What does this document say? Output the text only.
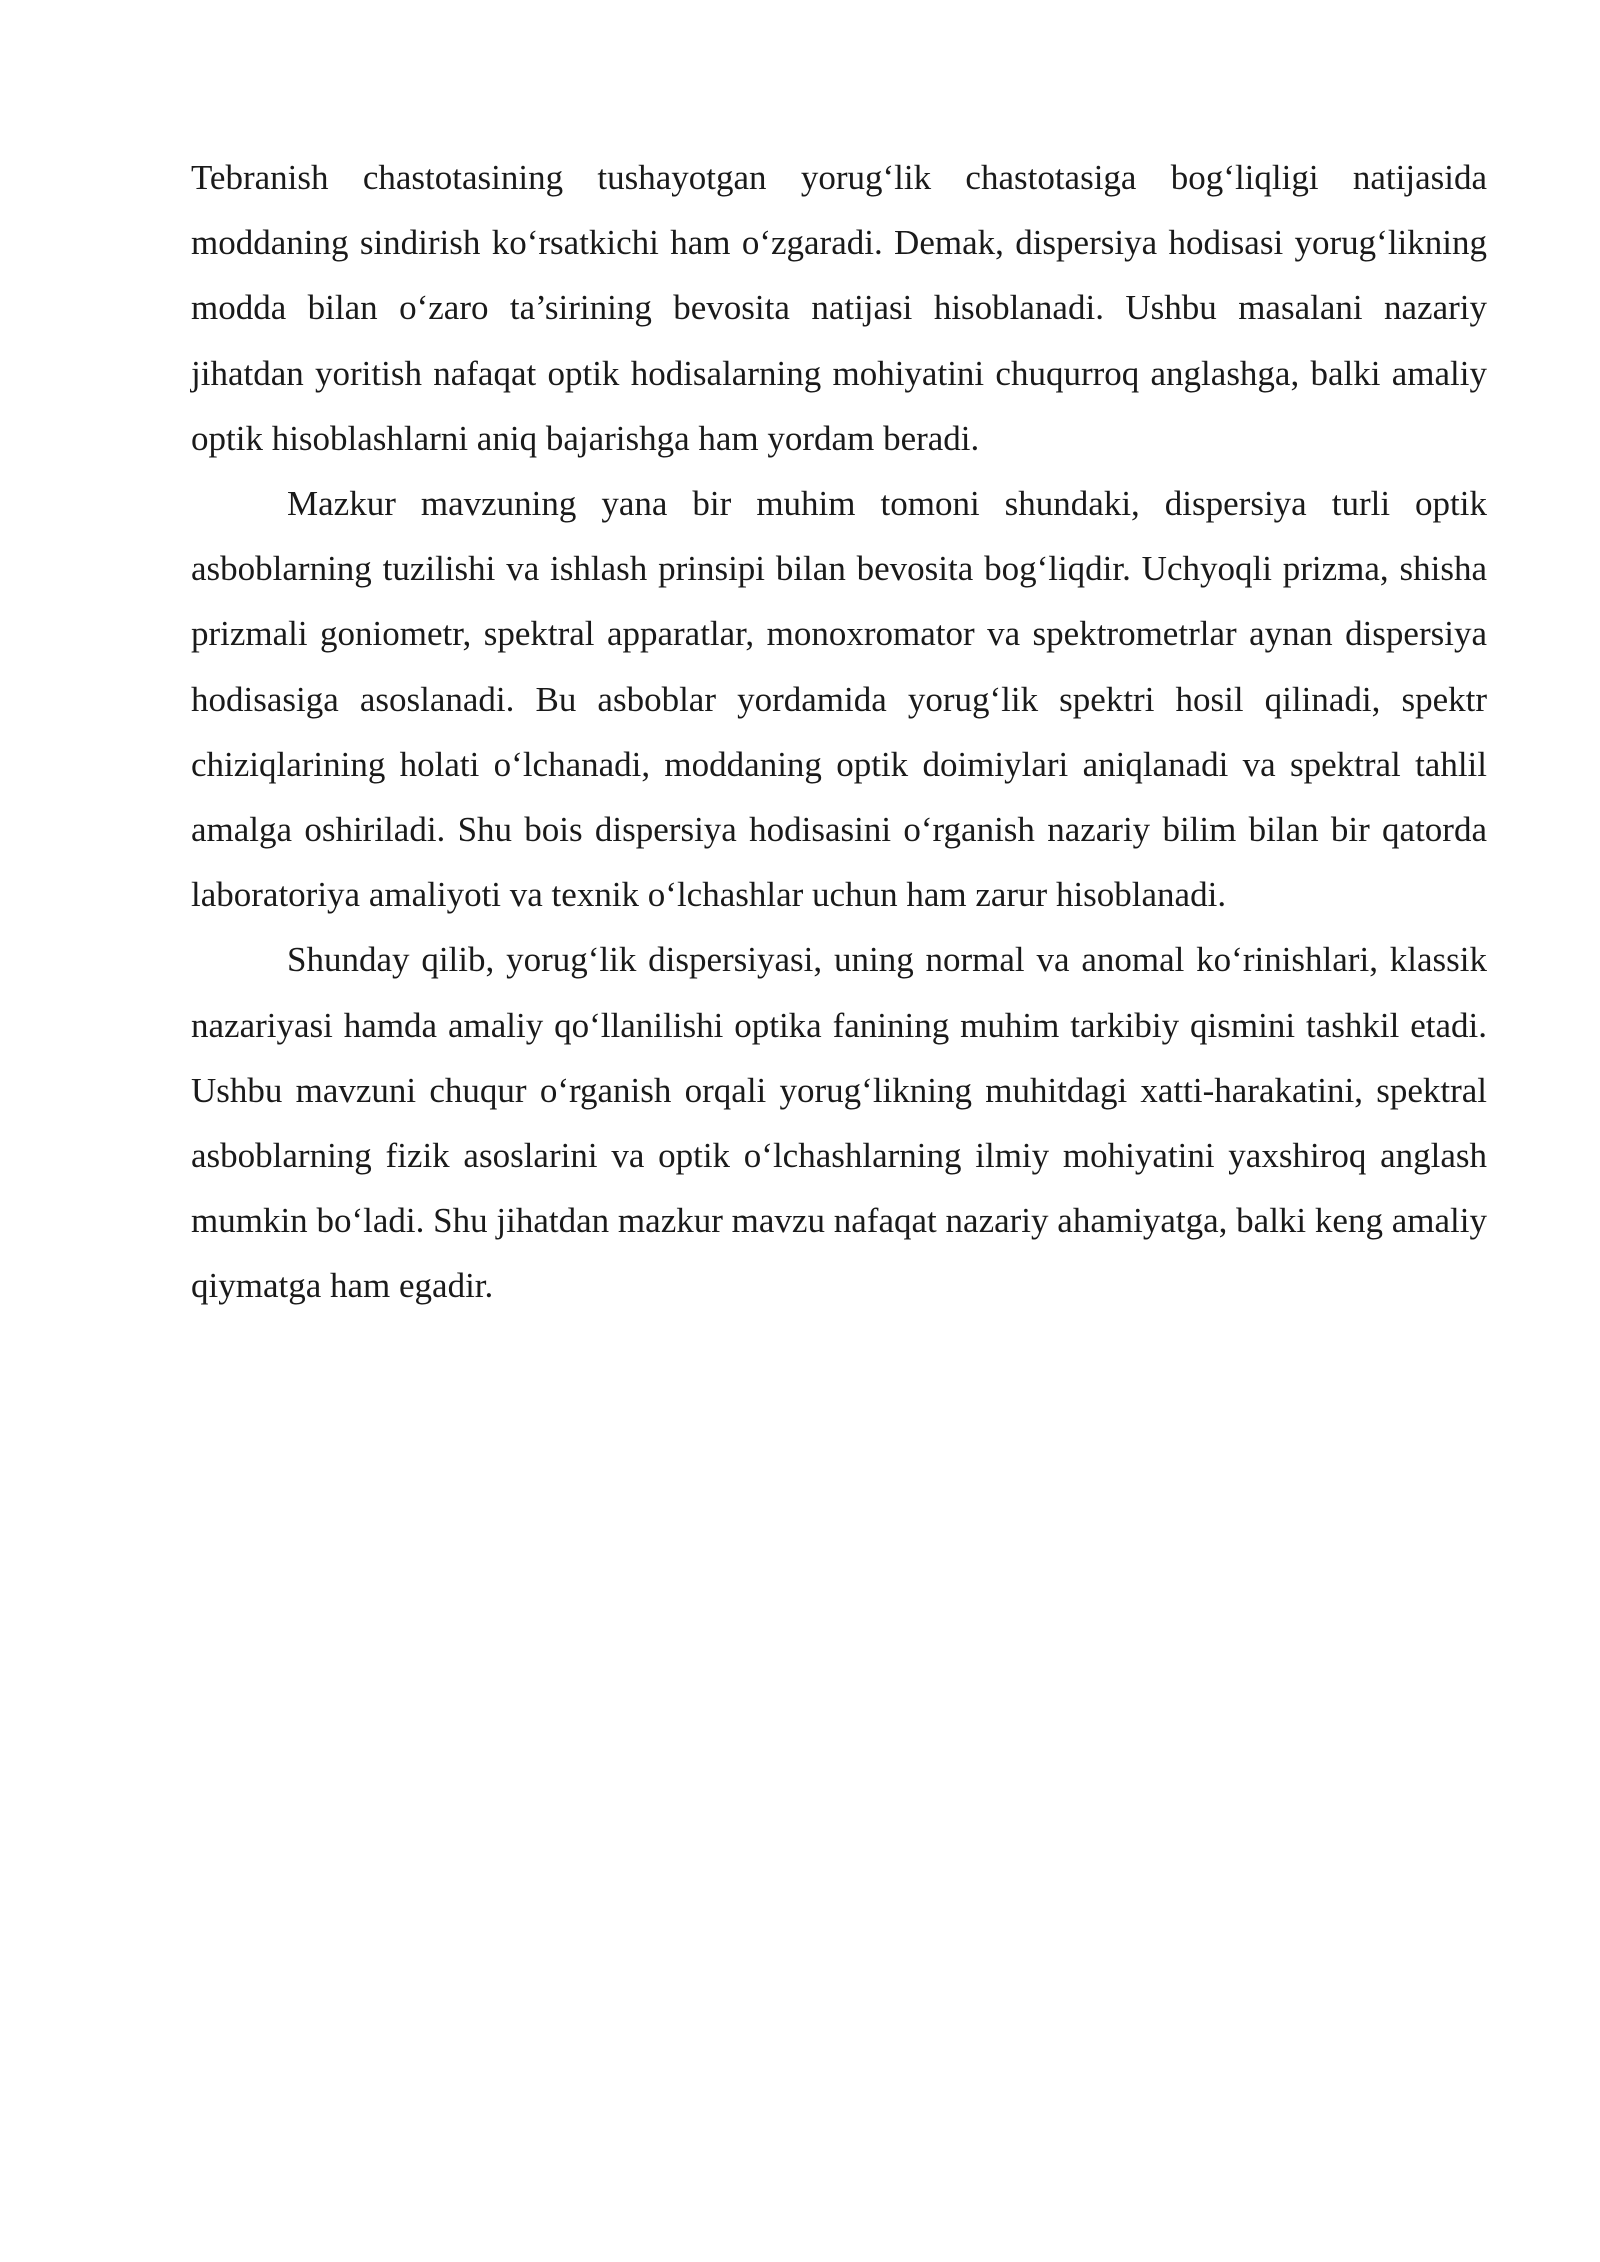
Tebranish chastotasining tushayotgan yorug‘lik chastotasiga bog‘liqligi natijasida moddaning sindirish ko‘rsatkichi ham o‘zgaradi. Demak, dispersiya hodisasi yorug‘likning modda bilan o‘zaro ta’sirining bevosita natijasi hisoblanadi. Ushbu masalani nazariy jihatdan yoritish nafaqat optik hodisalarning mohiyatini chuqurroq anglashga, balki amaliy optik hisoblashlarni aniq bajarishga ham yordam beradi.

Mazkur mavzuning yana bir muhim tomoni shundaki, dispersiya turli optik asboblarning tuzilishi va ishlash prinsipi bilan bevosita bog‘liqdir. Uchyoqli prizma, shisha prizmali goniometr, spektral apparatlar, monoxromator va spektrometrlar aynan dispersiya hodisasiga asoslanadi. Bu asboblar yordamida yorug‘lik spektri hosil qilinadi, spektr chiziqlarining holati o‘lchanadi, moddaning optik doimiylari aniqlanadi va spektral tahlil amalga oshiriladi. Shu bois dispersiya hodisasini o‘rganish nazariy bilim bilan bir qatorda laboratoriya amaliyoti va texnik o‘lchashlar uchun ham zarur hisoblanadi.

Shunday qilib, yorug‘lik dispersiyasi, uning normal va anomal ko‘rinishlari, klassik nazariyasi hamda amaliy qo‘llanilishi optika fanining muhim tarkibiy qismini tashkil etadi. Ushbu mavzuni chuqur o‘rganish orqali yorug‘likning muhitdagi xatti-harakatini, spektral asboblarning fizik asoslarini va optik o‘lchashlarning ilmiy mohiyatini yaxshiroq anglash mumkin bo‘ladi. Shu jihatdan mazkur mavzu nafaqat nazariy ahamiyatga, balki keng amaliy qiymatga ham egadir.
